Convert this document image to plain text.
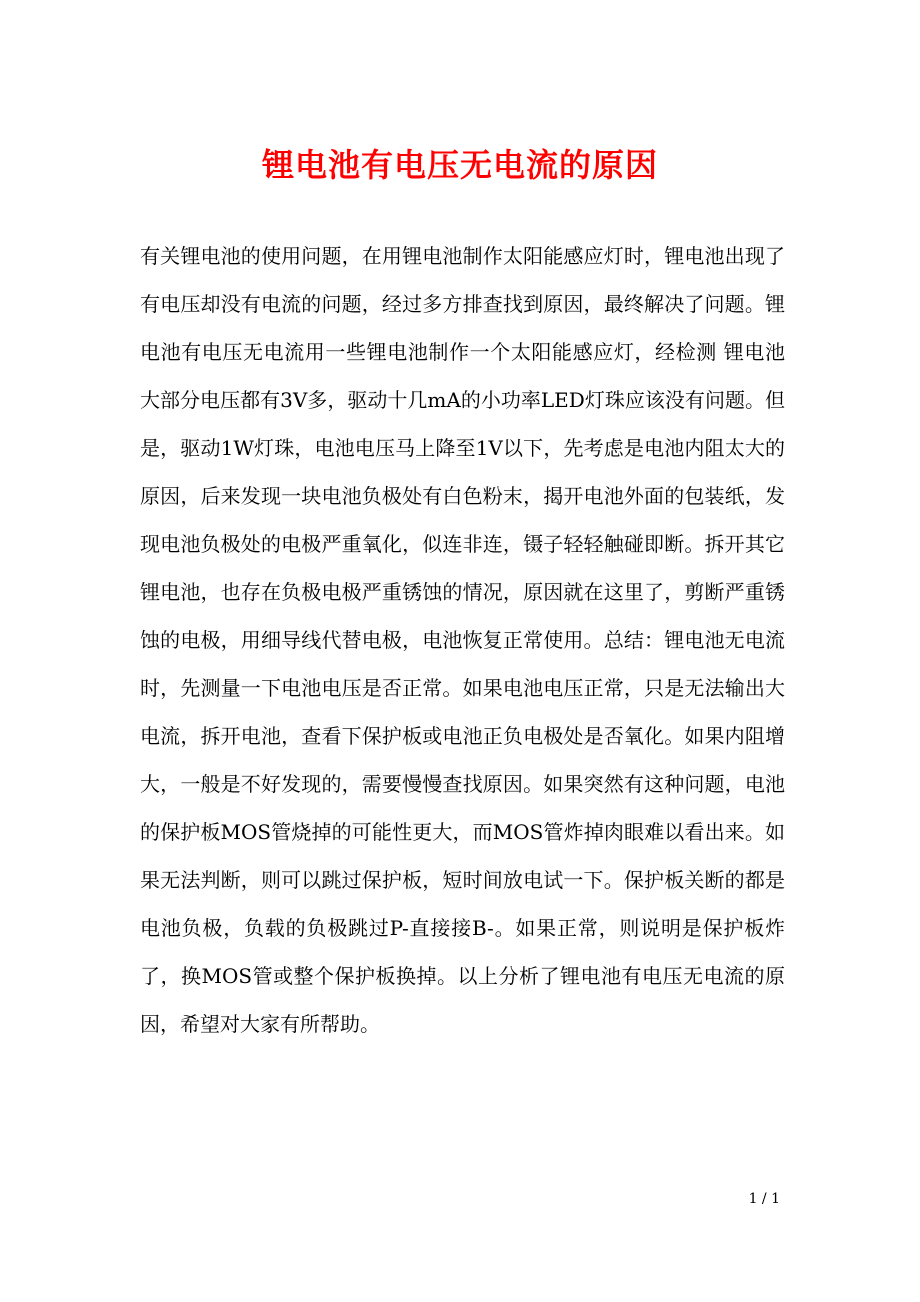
锂电池有电压无电流的原因

有关锂电池的使用问题，在用锂电池制作太阳能感应灯时，锂电池出现了有电压却没有电流的问题，经过多方排查找到原因，最终解决了问题。锂电池有电压无电流用一些锂电池制作一个太阳能感应灯，经检测 锂电池大部分电压都有3V多，驱动十几mA的小功率LED灯珠应该没有问题。但是，驱动1W灯珠，电池电压马上降至1V以下，先考虑是电池内阻太大的原因，后来发现一块电池负极处有白色粉末，揭开电池外面的包装纸，发现电池负极处的电极严重氧化，似连非连，镊子轻轻触碰即断。拆开其它锂电池，也存在负极电极严重锈蚀的情况，原因就在这里了，剪断严重锈蚀的电极，用细导线代替电极，电池恢复正常使用。总结：锂电池无电流时，先测量一下电池电压是否正常。如果电池电压正常，只是无法输出大电流，拆开电池，查看下保护板或电池正负电极处是否氧化。如果内阻增大，一般是不好发现的，需要慢慢查找原因。如果突然有这种问题，电池的保护板MOS管烧掉的可能性更大，而MOS管炸掉肉眼难以看出来。如果无法判断，则可以跳过保护板，短时间放电试一下。保护板关断的都是电池负极，负载的负极跳过P-直接接B-。如果正常，则说明是保护板炸了，换MOS管或整个保护板换掉。以上分析了锂电池有电压无电流的原因，希望对大家有所帮助。

1 / 1
